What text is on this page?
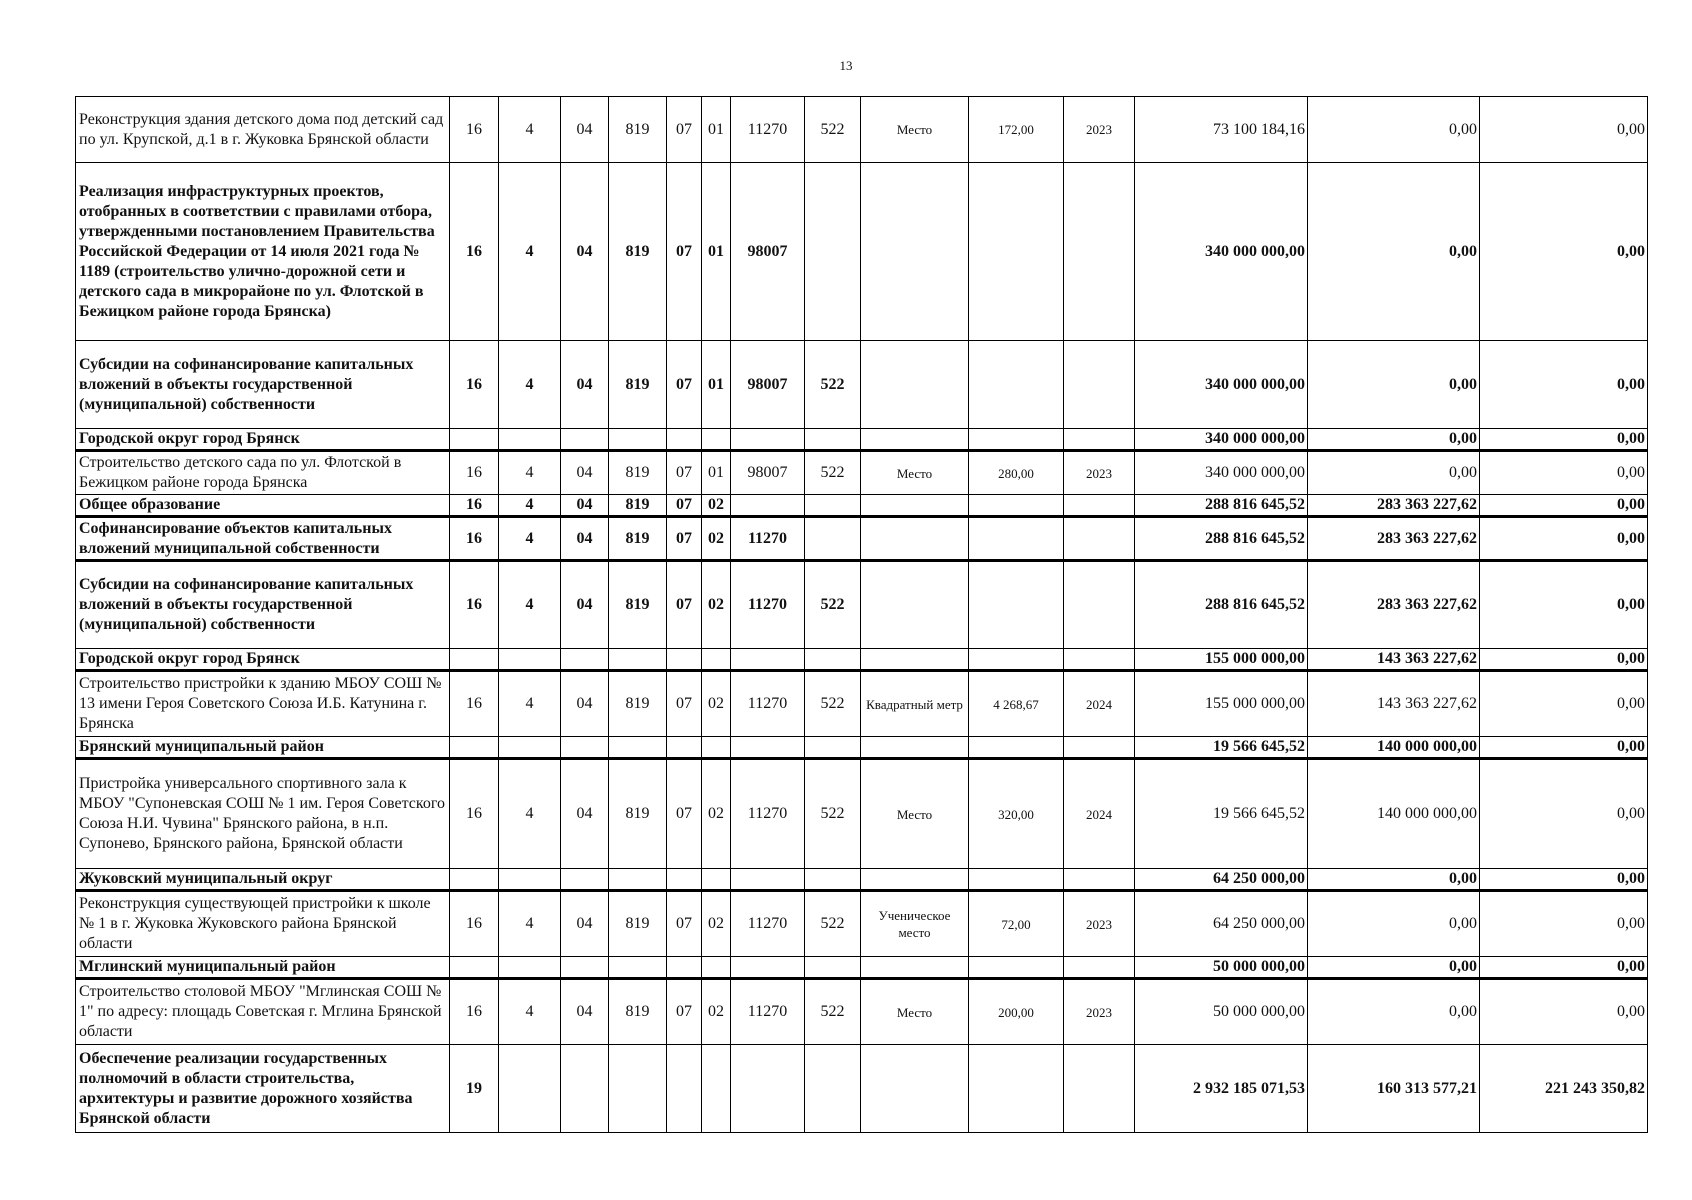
13
Реконструкция здания детского дома под детский сад по ул. Крупской, д.1 в г. Жуковка Брянской области	16	4	04	819	07	01	11270	522	Место	172,00	2023	73 100 184,16	0,00	0,00
Реализация инфраструктурных проектов, отобранных в соответствии с правилами отбора, утвержденными постановлением Правительства Российской Федерации от 14 июля 2021 года № 1189 (строительство улично-дорожной сети и детского сада в микрорайоне по ул. Флотской в Бежицком районе города Брянска)	16	4	04	819	07	01	98007					340 000 000,00	0,00	0,00
Субсидии на софинансирование капитальных вложений в объекты государственной (муниципальной) собственности	16	4	04	819	07	01	98007	522				340 000 000,00	0,00	0,00
Городской округ город Брянск												340 000 000,00	0,00	0,00
Строительство детского сада по ул. Флотской в Бежицком районе города Брянска	16	4	04	819	07	01	98007	522	Место	280,00	2023	340 000 000,00	0,00	0,00
Общее образование	16	4	04	819	07	02						288 816 645,52	283 363 227,62	0,00
Софинансирование объектов капитальных вложений муниципальной собственности	16	4	04	819	07	02	11270					288 816 645,52	283 363 227,62	0,00
Субсидии на софинансирование капитальных вложений в объекты государственной (муниципальной) собственности	16	4	04	819	07	02	11270	522				288 816 645,52	283 363 227,62	0,00
Городской округ город Брянск												155 000 000,00	143 363 227,62	0,00
Строительство пристройки к зданию МБОУ СОШ № 13 имени Героя Советского Союза И.Б. Катунина г. Брянска	16	4	04	819	07	02	11270	522	Квадратный метр	4 268,67	2024	155 000 000,00	143 363 227,62	0,00
Брянский муниципальный район												19 566 645,52	140 000 000,00	0,00
Пристройка универсального спортивного зала к МБОУ "Супоневская СОШ № 1 им. Героя Советского Союза Н.И. Чувина" Брянского района, в н.п. Супонево, Брянского района, Брянской области	16	4	04	819	07	02	11270	522	Место	320,00	2024	19 566 645,52	140 000 000,00	0,00
Жуковский муниципальный округ												64 250 000,00	0,00	0,00
Реконструкция существующей пристройки к школе № 1 в г. Жуковка Жуковского района Брянской области	16	4	04	819	07	02	11270	522	Ученическое место	72,00	2023	64 250 000,00	0,00	0,00
Мглинский муниципальный район												50 000 000,00	0,00	0,00
Строительство столовой МБОУ "Мглинская СОШ № 1" по адресу: площадь Советская г. Мглина Брянской области	16	4	04	819	07	02	11270	522	Место	200,00	2023	50 000 000,00	0,00	0,00
Обеспечение реализации государственных полномочий в области строительства, архитектуры и развитие дорожного хозяйства Брянской области	19											2 932 185 071,53	160 313 577,21	221 243 350,82
